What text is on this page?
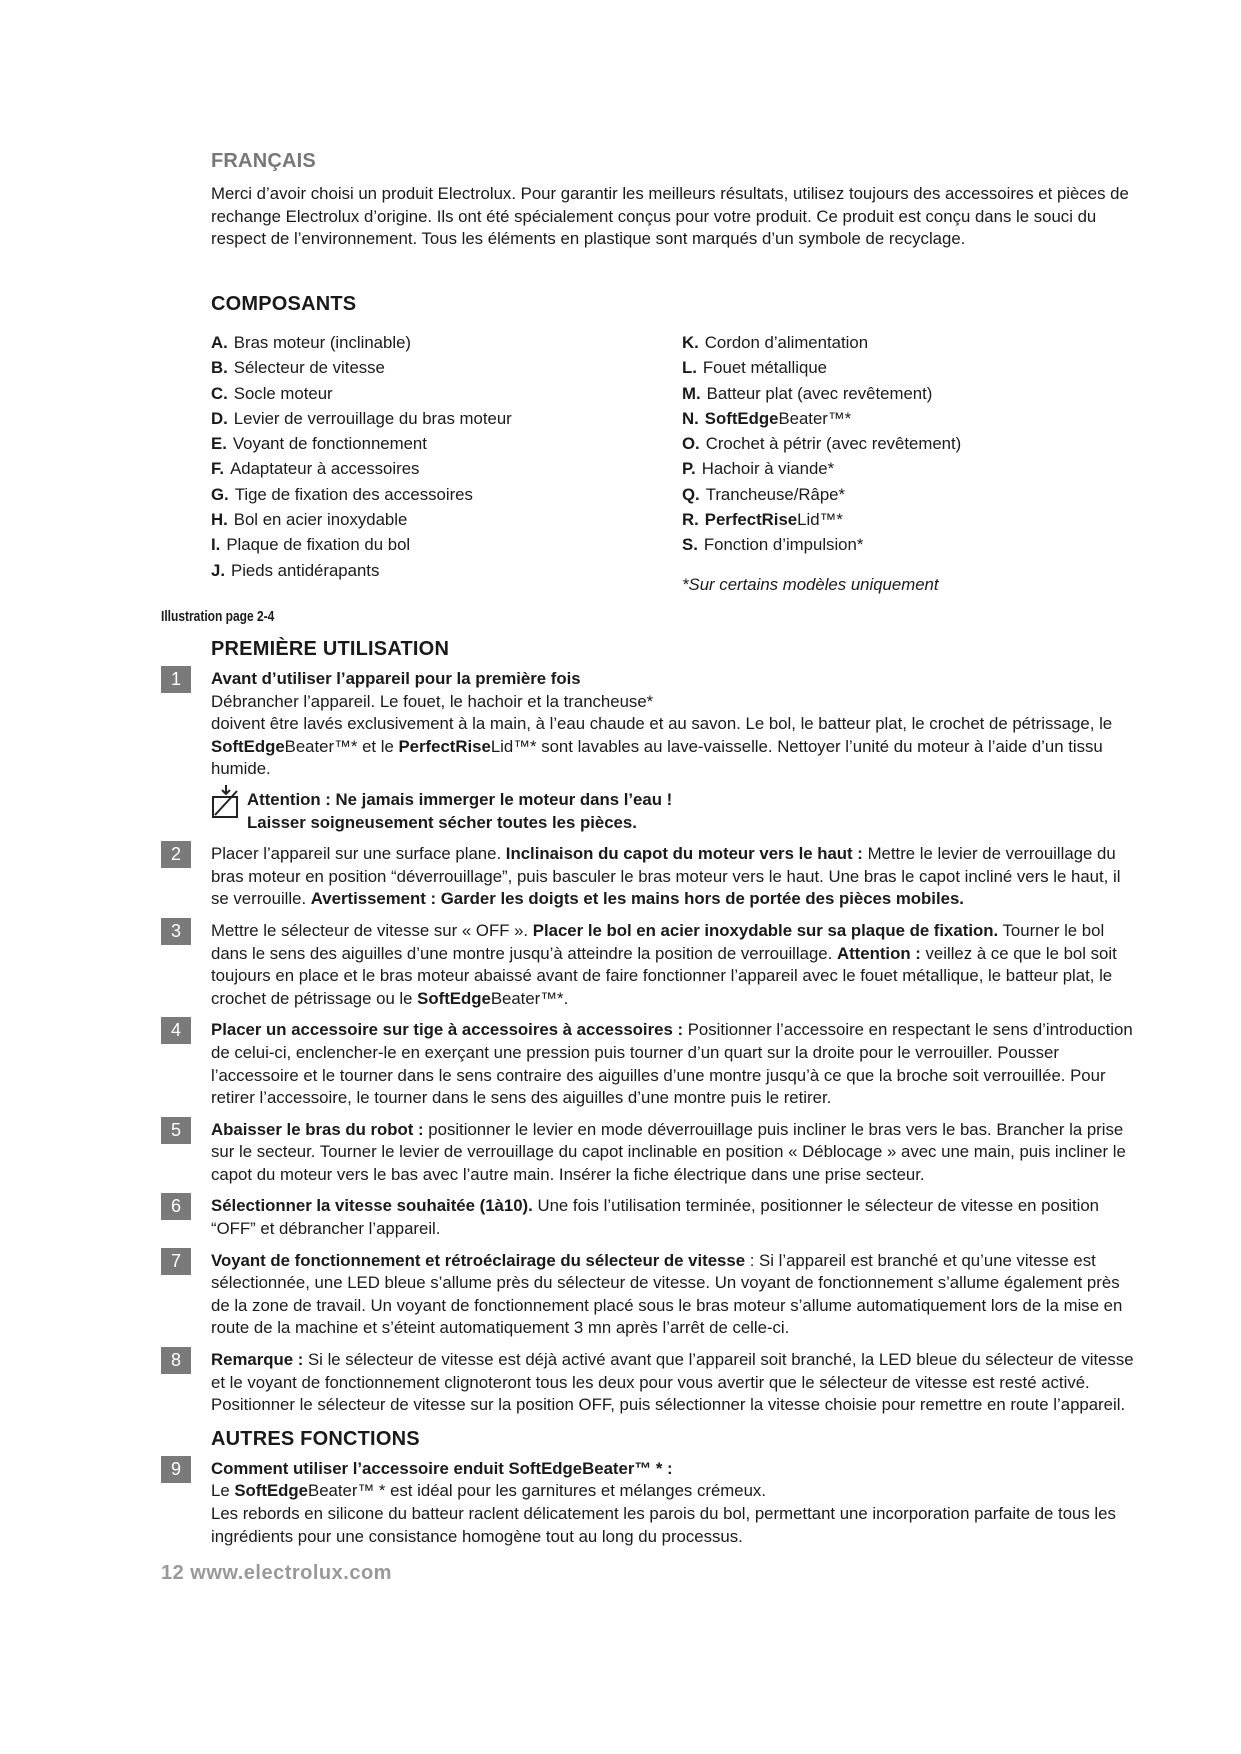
FRANÇAIS
Merci d’avoir choisi un produit Electrolux. Pour garantir les meilleurs résultats, utilisez toujours des accessoires et pièces de rechange Electrolux d’origine. Ils ont été spécialement conçus pour votre produit. Ce produit est conçu dans le souci du respect de l’environnement. Tous les éléments en plastique sont marqués d’un symbole de recyclage.
COMPOSANTS
A. Bras moteur (inclinable)
B. Sélecteur de vitesse
C. Socle moteur
D. Levier de verrouillage du bras moteur
E. Voyant de fonctionnement
F. Adaptateur à accessoires
G. Tige de fixation des accessoires
H. Bol en acier inoxydable
I. Plaque de fixation du bol
J. Pieds antidérapants
K. Cordon d’alimentation
L. Fouet métallique
M. Batteur plat (avec revêtement)
N. SoftEdgeBeater™*
O. Crochet à pétrir (avec revêtement)
P. Hachoir à viande*
Q. Trancheuse/Râpe*
R. PerfectRiseLid™*
S. Fonction d’impulsion*
*Sur certains modèles uniquement
Illustration page 2-4
PREMIÈRE UTILISATION
1	Avant d’utiliser l’appareil pour la première fois
Débrancher l’appareil. Le fouet, le hachoir et la trancheuse*
doivent être lavés exclusivement à la main, à l’eau chaude et au savon. Le bol, le batteur plat, le crochet de pétrissage, le SoftEdgeBeater™* et le PerfectRiseLid™* sont lavables au lave-vaisselle. Nettoyer l’unité du moteur à l’aide d’un tissu humide.
Attention : Ne jamais immerger le moteur dans l’eau !
Laisser soigneusement sécher toutes les pièces.
2	Placer l’appareil sur une surface plane. Inclinaison du capot du moteur vers le haut : Mettre le levier de verrouillage du bras moteur en position “déverrouillage”, puis basculer le bras moteur vers le haut. Une bras le capot incliné vers le haut, il se verrouille. Avertissement : Garder les doigts et les mains hors de portée des pièces mobiles.
3	Mettre le sélecteur de vitesse sur « OFF ». Placer le bol en acier inoxydable sur sa plaque de fixation. Tourner le bol dans le sens des aiguilles d’une montre jusqu’à atteindre la position de verrouillage. Attention : veillez à ce que le bol soit toujours en place et le bras moteur abaissé avant de faire fonctionner l’appareil avec le fouet métallique, le batteur plat, le crochet de pétrissage ou le SoftEdgeBeater™*.
4	Placer un accessoire sur tige à accessoires à accessoires : Positionner l’accessoire en respectant le sens d’introduction de celui-ci, enclencher-le en exerçant une pression puis tourner d’un quart sur la droite pour le verrouiller. Pousser l’accessoire et le tourner dans le sens contraire des aiguilles d’une montre jusqu’à ce que la broche soit verrouillée. Pour retirer l’accessoire, le tourner dans le sens des aiguilles d’une montre puis le retirer.
5	Abaisser le bras du robot : positionner le levier en mode déverrouillage puis incliner le bras vers le bas. Brancher la prise sur le secteur. Tourner le levier de verrouillage du capot inclinable en position « Déblocage » avec une main, puis incliner le capot du moteur vers le bas avec l’autre main. Insérer la fiche électrique dans une prise secteur.
6	Sélectionner la vitesse souhaitée (1à10). Une fois l’utilisation terminée, positionner le sélecteur de vitesse en position “OFF” et débrancher l’appareil.
7	Voyant de fonctionnement et rétroéclairage du sélecteur de vitesse : Si l’appareil est branché et qu’une vitesse est sélectionnée, une LED bleue s’allume près du sélecteur de vitesse. Un voyant de fonctionnement s’allume également près de la zone de travail. Un voyant de fonctionnement placé sous le bras moteur s’allume automatiquement lors de la mise en route de la machine et s’éteint automatiquement 3 mn après l’arrêt de celle-ci.
8	Remarque : Si le sélecteur de vitesse est déjà activé avant que l’appareil soit branché, la LED bleue du sélecteur de vitesse et le voyant de fonctionnement clignoteront tous les deux pour vous avertir que le sélecteur de vitesse est resté activé. Positionner le sélecteur de vitesse sur la position OFF, puis sélectionner la vitesse choisie pour remettre en route l’appareil.
AUTRES FONCTIONS
9	Comment utiliser l’accessoire enduit SoftEdgeBeater™ * :
Le SoftEdgeBeater™ * est idéal pour les garnitures et mélanges crémeux.
Les rebords en silicone du batteur raclent délicatement les parois du bol, permettant une incorporation parfaite de tous les ingrédients pour une consistance homogène tout au long du processus.
12 www.electrolux.com
